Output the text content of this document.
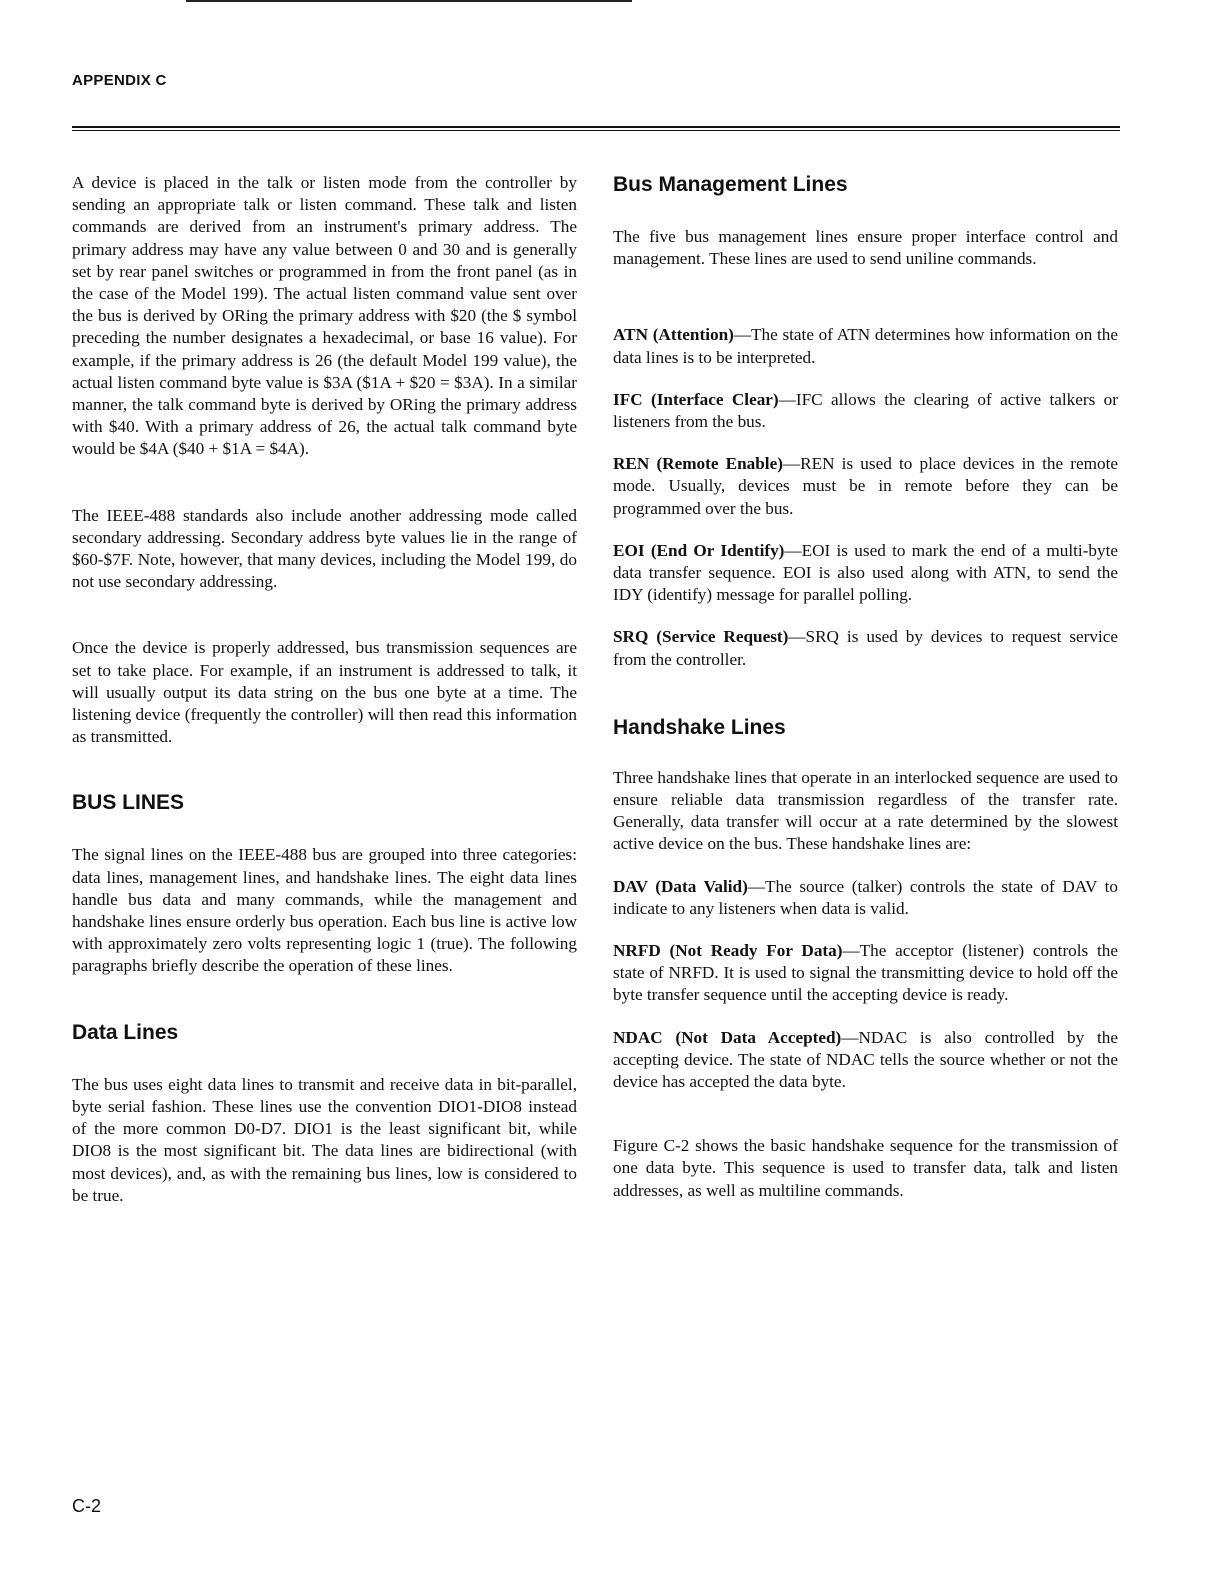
APPENDIX C

A device is placed in the talk or listen mode from the controller by sending an appropriate talk or listen command. These talk and listen commands are derived from an instrument's primary address. The primary address may have any value between 0 and 30 and is generally set by rear panel switches or programmed in from the front panel (as in the case of the Model 199). The actual listen command value sent over the bus is derived by ORing the primary address with $20 (the $ symbol preceding the number designates a hexadecimal, or base 16 value). For example, if the primary address is 26 (the default Model 199 value), the actual listen command byte value is $3A ($1A + $20 = $3A). In a similar manner, the talk command byte is derived by ORing the primary address with $40. With a primary address of 26, the actual talk command byte would be $4A ($40 + $1A = $4A).

The IEEE-488 standards also include another addressing mode called secondary addressing. Secondary address byte values lie in the range of $60-$7F. Note, however, that many devices, including the Model 199, do not use secondary addressing.

Once the device is properly addressed, bus transmission sequences are set to take place. For example, if an instrument is addressed to talk, it will usually output its data string on the bus one byte at a time. The listening device (frequently the controller) will then read this information as transmitted.

BUS LINES

The signal lines on the IEEE-488 bus are grouped into three categories: data lines, management lines, and handshake lines. The eight data lines handle bus data and many commands, while the management and handshake lines ensure orderly bus operation. Each bus line is active low with approximately zero volts representing logic 1 (true). The following paragraphs briefly describe the operation of these lines.

Data Lines

The bus uses eight data lines to transmit and receive data in bit-parallel, byte serial fashion. These lines use the convention DIO1-DIO8 instead of the more common D0-D7. DIO1 is the least significant bit, while DIO8 is the most significant bit. The data lines are bidirectional (with most devices), and, as with the remaining bus lines, low is considered to be true.

Bus Management Lines

The five bus management lines ensure proper interface control and management. These lines are used to send uniline commands.

ATN (Attention)—The state of ATN determines how information on the data lines is to be interpreted.

IFC (Interface Clear)—IFC allows the clearing of active talkers or listeners from the bus.

REN (Remote Enable)—REN is used to place devices in the remote mode. Usually, devices must be in remote before they can be programmed over the bus.

EOI (End Or Identify)—EOI is used to mark the end of a multi-byte data transfer sequence. EOI is also used along with ATN, to send the IDY (identify) message for parallel polling.

SRQ (Service Request)—SRQ is used by devices to request service from the controller.

Handshake Lines

Three handshake lines that operate in an interlocked sequence are used to ensure reliable data transmission regardless of the transfer rate. Generally, data transfer will occur at a rate determined by the slowest active device on the bus. These handshake lines are:

DAV (Data Valid)—The source (talker) controls the state of DAV to indicate to any listeners when data is valid.

NRFD (Not Ready For Data)—The acceptor (listener) controls the state of NRFD. It is used to signal the transmitting device to hold off the byte transfer sequence until the accepting device is ready.

NDAC (Not Data Accepted)—NDAC is also controlled by the accepting device. The state of NDAC tells the source whether or not the device has accepted the data byte.

Figure C-2 shows the basic handshake sequence for the transmission of one data byte. This sequence is used to transfer data, talk and listen addresses, as well as multiline commands.

C-2
